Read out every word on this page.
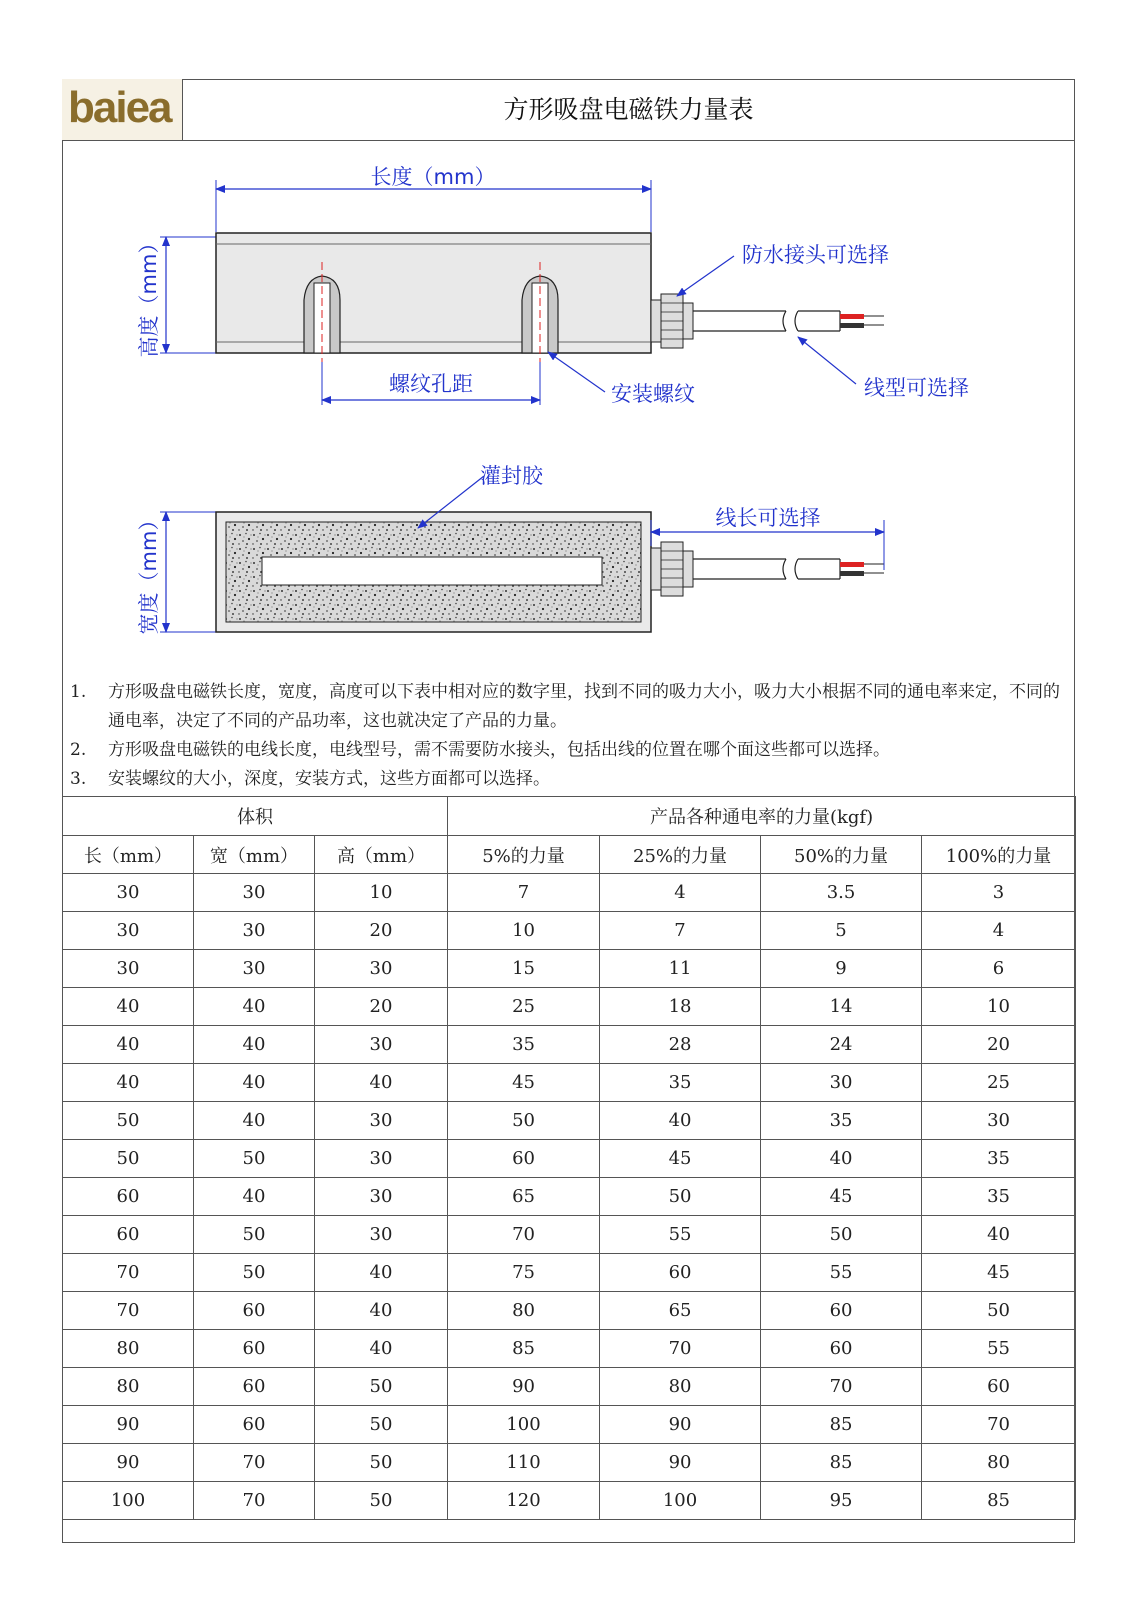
baiea	方形吸盘电磁铁力量表
长度（mm）
高度（mm）	防水接头可选择
螺纹孔距	安装螺纹	线型可选择
灌封胶
宽度（mm）	线长可选择
1. 方形吸盘电磁铁长度，宽度，高度可以下表中相对应的数字里，找到不同的吸力大小，吸力大小根据不同的通电率来定，不同的通电率，决定了不同的产品功率，这也就决定了产品的力量。
2. 方形吸盘电磁铁的电线长度，电线型号，需不需要防水接头，包括出线的位置在哪个面这些都可以选择。
3. 安装螺纹的大小，深度，安装方式，这些方面都可以选择。
体积			产品各种通电率的力量(kgf)			
长（mm）	宽（mm）	高（mm）	5%的力量	25%的力量	50%的力量	100%的力量
30	30	10	7	4	3.5	3
30	30	20	10	7	5	4
30	30	30	15	11	9	6
40	40	20	25	18	14	10
40	40	30	35	28	24	20
40	40	40	45	35	30	25
50	40	30	50	40	35	30
50	50	30	60	45	40	35
60	40	30	65	50	45	35
60	50	30	70	55	50	40
70	50	40	75	60	55	45
70	60	40	80	65	60	50
80	60	40	85	70	60	55
80	60	50	90	80	70	60
90	60	50	100	90	85	70
90	70	50	110	90	85	80
100	70	50	120	100	95	85
